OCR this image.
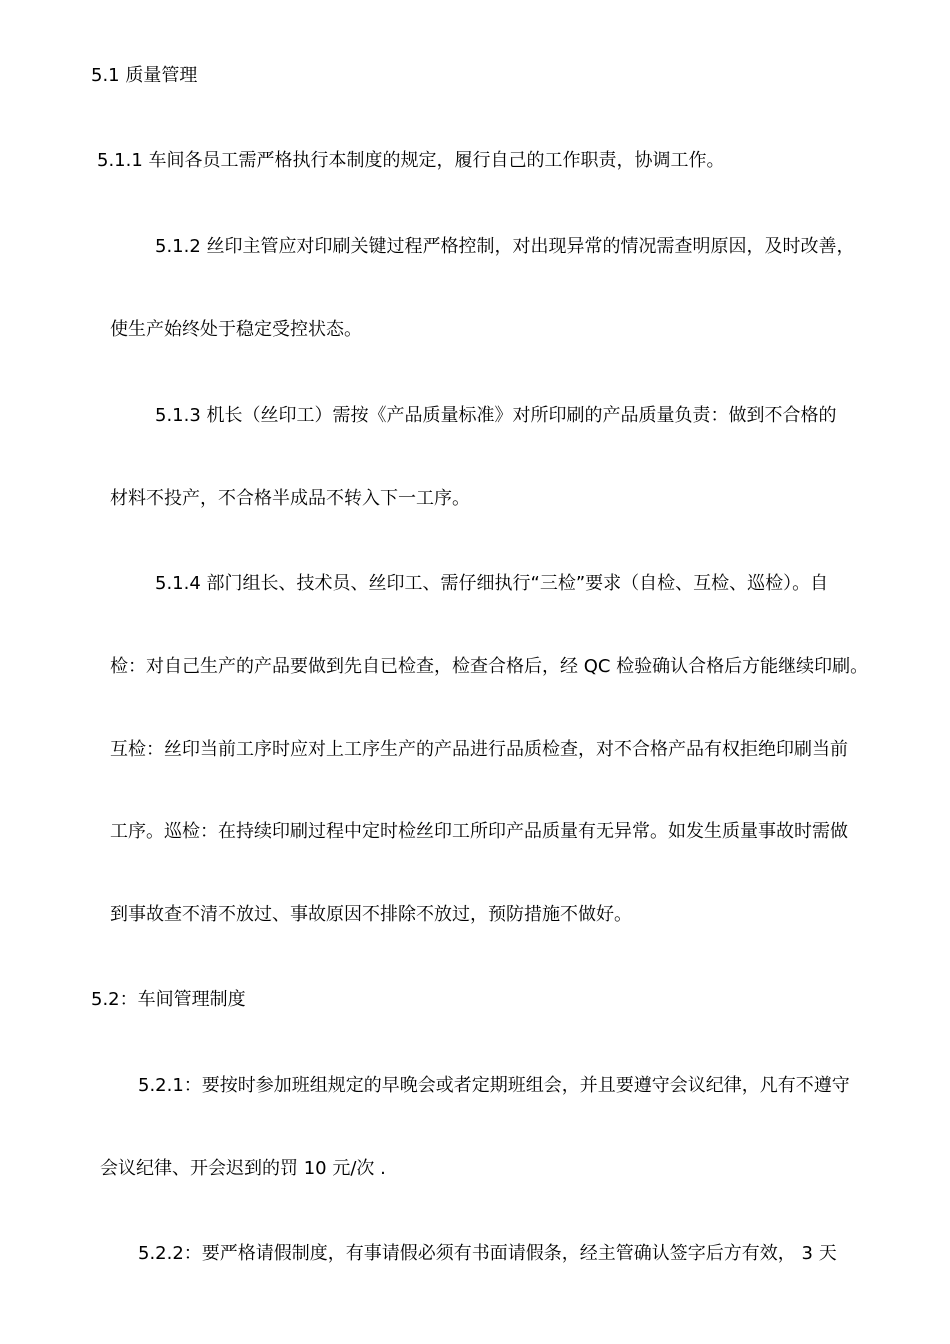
5.1 质量管理

5.1.1 车间各员工需严格执行本制度的规定，履行自己的工作职责，协调工作。

5.1.2 丝印主管应对印刷关键过程严格控制，对出现异常的情况需查明原因，及时改善，

使生产始终处于稳定受控状态。

5.1.3 机长（丝印工）需按《产品质量标准》对所印刷的产品质量负责：做到不合格的

材料不投产，不合格半成品不转入下一工序。

5.1.4 部门组长、技术员、丝印工、需仔细执行“三检”要求（自检、互检、巡检）。自

检：对自己生产的产品要做到先自已检查，检查合格后，经 QC 检验确认合格后方能继续印刷。

互检：丝印当前工序时应对上工序生产的产品进行品质检查，对不合格产品有权拒绝印刷当前

工序。巡检：在持续印刷过程中定时检丝印工所印产品质量有无异常。如发生质量事故时需做

到事故查不清不放过、事故原因不排除不放过，预防措施不做好。

5.2：车间管理制度

5.2.1：要按时参加班组规定的早晚会或者定期班组会，并且要遵守会议纪律，凡有不遵守

会议纪律、开会迟到的罚 10 元/次 .

5.2.2：要严格请假制度，有事请假必须有书面请假条，经主管确认签字后方有效， 3 天
